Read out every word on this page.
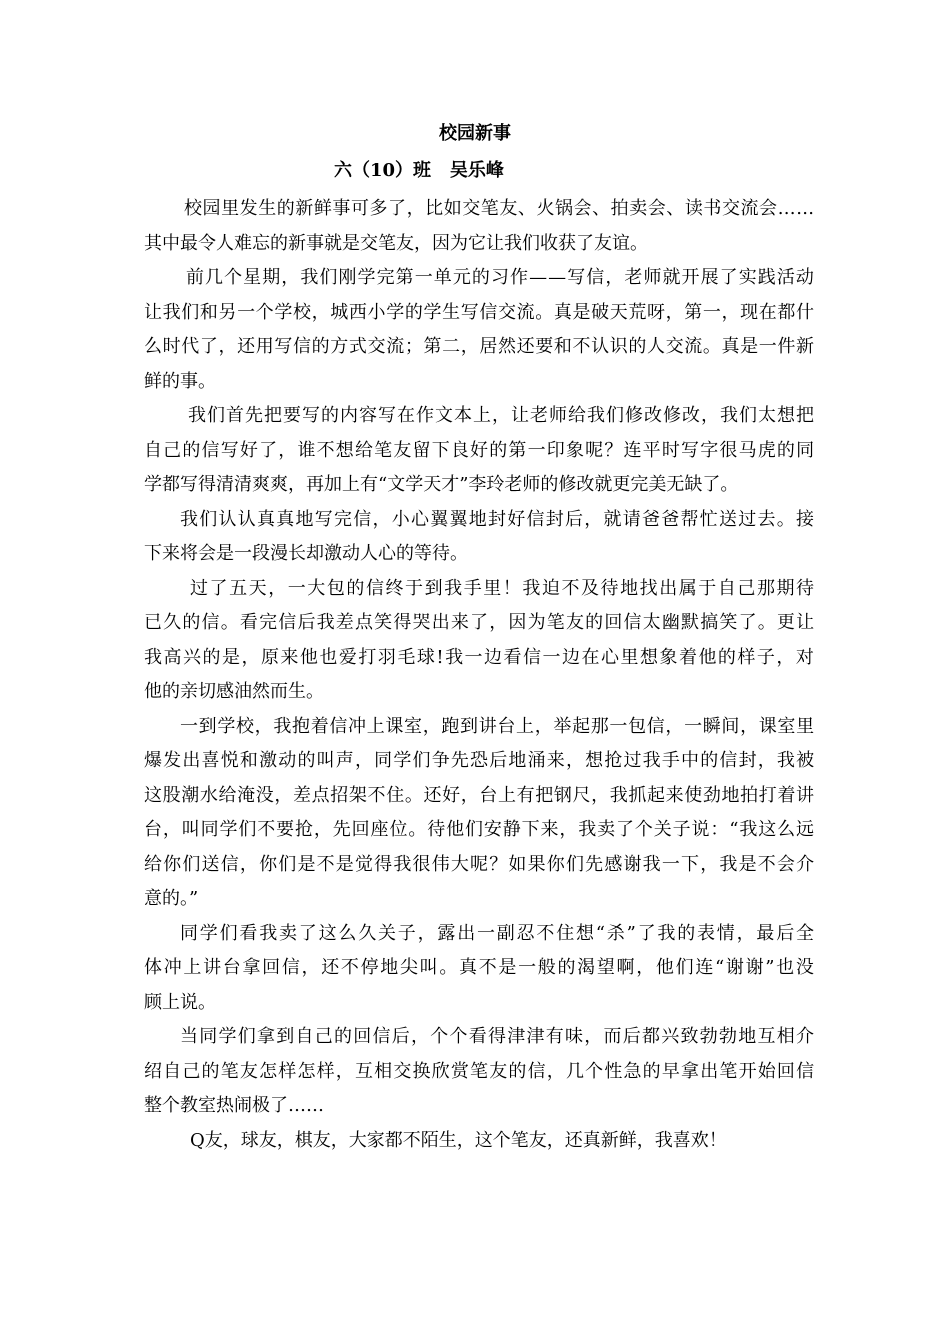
校园新事
六（10）班   吴乐峰
校园里发生的新鲜事可多了，比如交笔友、火锅会、拍卖会、读书交流会……
其中最令人难忘的新事就是交笔友，因为它让我们收获了友谊。
前几个星期，我们刚学完第一单元的习作——写信，老师就开展了实践活动
让我们和另一个学校，城西小学的学生写信交流。真是破天荒呀，第一，现在都什
么时代了，还用写信的方式交流；第二，居然还要和不认识的人交流。真是一件新
鲜的事。
我们首先把要写的内容写在作文本上，让老师给我们修改修改，我们太想把
自己的信写好了，谁不想给笔友留下良好的第一印象呢？连平时写字很马虎的同
学都写得清清爽爽，再加上有“文学天才”李玲老师的修改就更完美无缺了。
我们认认真真地写完信，小心翼翼地封好信封后，就请爸爸帮忙送过去。接
下来将会是一段漫长却激动人心的等待。
过了五天，一大包的信终于到我手里！我迫不及待地找出属于自己那期待
已久的信。看完信后我差点笑得哭出来了，因为笔友的回信太幽默搞笑了。更让
我高兴的是，原来他也爱打羽毛球!我一边看信一边在心里想象着他的样子，对
他的亲切感油然而生。
一到学校，我抱着信冲上课室，跑到讲台上，举起那一包信，一瞬间，课室里
爆发出喜悦和激动的叫声，同学们争先恐后地涌来，想抢过我手中的信封，我被
这股潮水给淹没，差点招架不住。还好，台上有把钢尺，我抓起来使劲地拍打着讲
台，叫同学们不要抢，先回座位。待他们安静下来，我卖了个关子说：“我这么远
给你们送信，你们是不是觉得我很伟大呢？如果你们先感谢我一下，我是不会介
意的。”
同学们看我卖了这么久关子，露出一副忍不住想“杀”了我的表情，最后全
体冲上讲台拿回信，还不停地尖叫。真不是一般的渴望啊，他们连“谢谢”也没
顾上说。
当同学们拿到自己的回信后，个个看得津津有味，而后都兴致勃勃地互相介
绍自己的笔友怎样怎样，互相交换欣赏笔友的信，几个性急的早拿出笔开始回信
整个教室热闹极了……
Q友，球友，棋友，大家都不陌生，这个笔友，还真新鲜，我喜欢！
